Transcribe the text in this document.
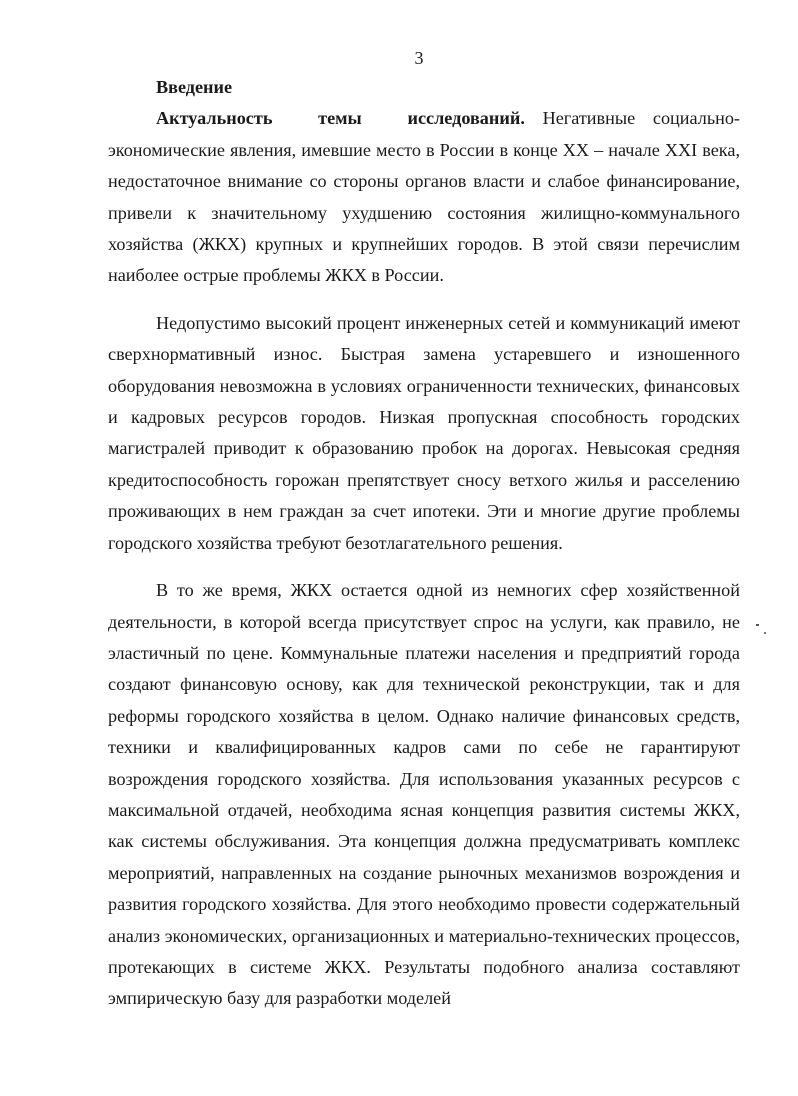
3
Введение

Актуальность темы исследований. Негативные социально-экономические явления, имевшие место в России в конце XX – начале XXI века, недостаточное внимание со стороны органов власти и слабое финансирование, привели к значительному ухудшению состояния жилищно-коммунального хозяйства (ЖКХ) крупных и крупнейших городов. В этой связи перечислим наиболее острые проблемы ЖКХ в России.

Недопустимо высокий процент инженерных сетей и коммуникаций имеют сверхнормативный износ. Быстрая замена устаревшего и изношенного оборудования невозможна в условиях ограниченности технических, финансовых и кадровых ресурсов городов. Низкая пропускная способность городских магистралей приводит к образованию пробок на дорогах. Невысокая средняя кредитоспособность горожан препятствует сносу ветхого жилья и расселению проживающих в нем граждан за счет ипотеки. Эти и многие другие проблемы городского хозяйства требуют безотлагательного решения.

В то же время, ЖКХ остается одной из немногих сфер хозяйственной деятельности, в которой всегда присутствует спрос на услуги, как правило, не эластичный по цене. Коммунальные платежи населения и предприятий города создают финансовую основу, как для технической реконструкции, так и для реформы городского хозяйства в целом. Однако наличие финансовых средств, техники и квалифицированных кадров сами по себе не гарантируют возрождения городского хозяйства. Для использования указанных ресурсов с максимальной отдачей, необходима ясная концепция развития системы ЖКХ, как системы обслуживания. Эта концепция должна предусматривать комплекс мероприятий, направленных на создание рыночных механизмов возрождения и развития городского хозяйства. Для этого необходимо провести содержательный анализ экономических, организационных и материально-технических процессов, протекающих в системе ЖКХ. Результаты подобного анализа составляют эмпирическую базу для разработки моделей
